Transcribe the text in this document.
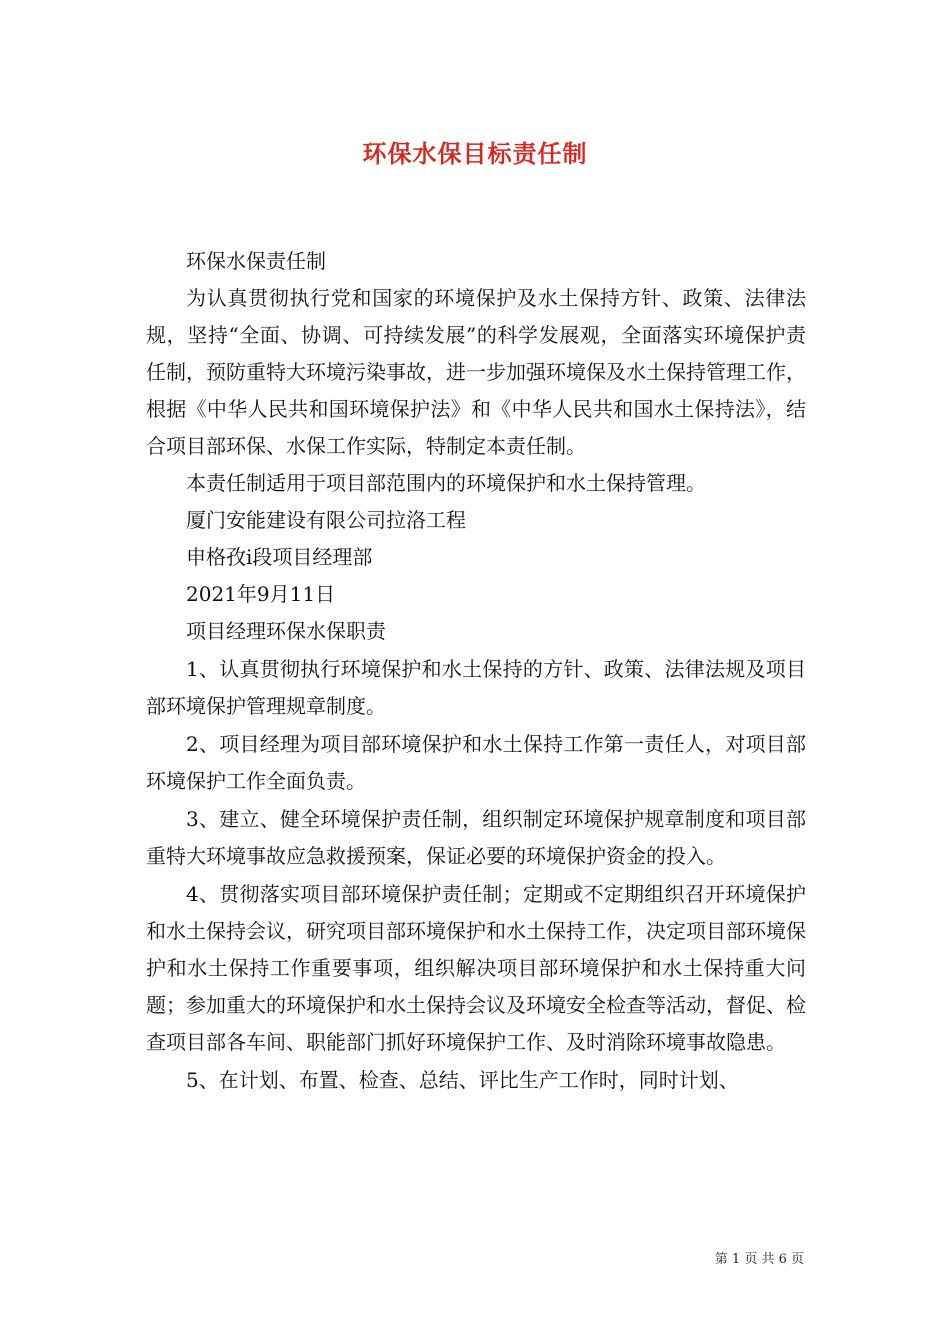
环保水保目标责任制

环保水保责任制

为认真贯彻执行党和国家的环境保护及水土保持方针、政策、法律法规，坚持“全面、协调、可持续发展”的科学发展观，全面落实环境保护责任制，预防重特大环境污染事故，进一步加强环境保及水土保持管理工作，根据《中华人民共和国环境保护法》和《中华人民共和国水土保持法》，结合项目部环保、水保工作实际，特制定本责任制。

本责任制适用于项目部范围内的环境保护和水土保持管理。

厦门安能建设有限公司拉洛工程

申格孜ⅰ段项目经理部

2021年9月11日

项目经理环保水保职责

1、认真贯彻执行环境保护和水土保持的方针、政策、法律法规及项目部环境保护管理规章制度。

2、项目经理为项目部环境保护和水土保持工作第一责任人，对项目部环境保护工作全面负责。

3、建立、健全环境保护责任制，组织制定环境保护规章制度和项目部重特大环境事故应急救援预案，保证必要的环境保护资金的投入。

4、贯彻落实项目部环境保护责任制；定期或不定期组织召开环境保护和水土保持会议，研究项目部环境保护和水土保持工作，决定项目部环境保护和水土保持工作重要事项，组织解决项目部环境保护和水土保持重大问题；参加重大的环境保护和水土保持会议及环境安全检查等活动，督促、检查项目部各车间、职能部门抓好环境保护工作、及时消除环境事故隐患。

5、在计划、布置、检查、总结、评比生产工作时，同时计划、

第 1 页 共 6 页
